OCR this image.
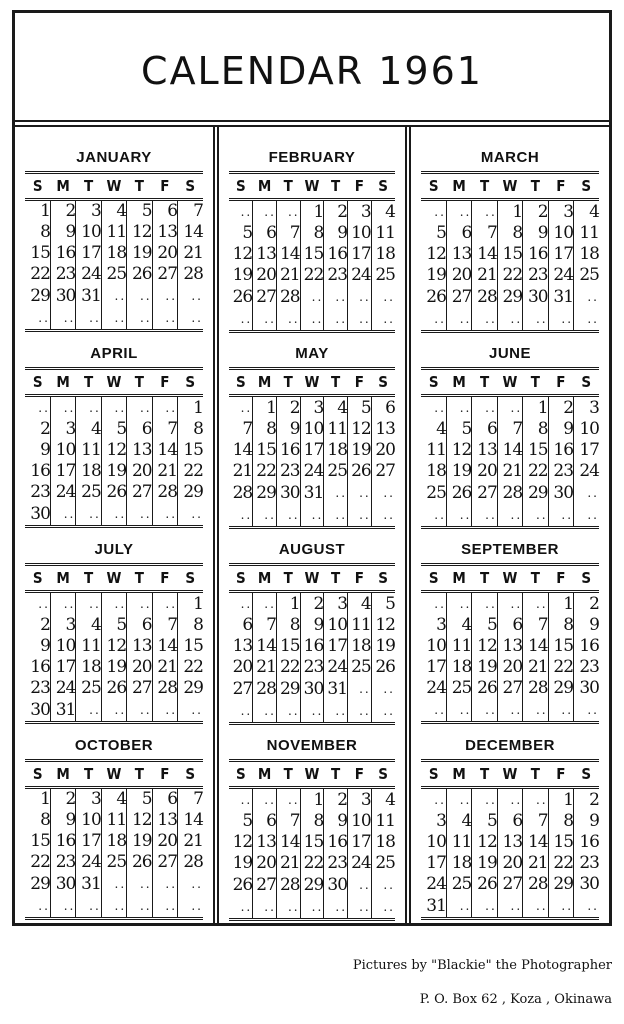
CALENDAR 1961
JANUARY
S	M	T	W	T	F	S
1	2	3	4	5	6	7
8	9	10	11	12	13	14
15	16	17	18	19	20	21
22	23	24	25	26	27	28
29	30	31	..	..	..	..
..	..	..	..	..	..	..
APRIL
S	M	T	W	T	F	S
..	..	..	..	..	..	1
2	3	4	5	6	7	8
9	10	11	12	13	14	15
16	17	18	19	20	21	22
23	24	25	26	27	28	29
30	..	..	..	..	..	..
JULY
S	M	T	W	T	F	S
..	..	..	..	..	..	1
2	3	4	5	6	7	8
9	10	11	12	13	14	15
16	17	18	19	20	21	22
23	24	25	26	27	28	29
30	31	..	..	..	..	..
OCTOBER
S	M	T	W	T	F	S
1	2	3	4	5	6	7
8	9	10	11	12	13	14
15	16	17	18	19	20	21
22	23	24	25	26	27	28
29	30	31	..	..	..	..
..	..	..	..	..	..	..
FEBRUARY
S	M	T	W	T	F	S
..	..	..	1	2	3	4
5	6	7	8	9	10	11
12	13	14	15	16	17	18
19	20	21	22	23	24	25
26	27	28	..	..	..	..
..	..	..	..	..	..	..
MAY
S	M	T	W	T	F	S
..	1	2	3	4	5	6
7	8	9	10	11	12	13
14	15	16	17	18	19	20
21	22	23	24	25	26	27
28	29	30	31	..	..	..
..	..	..	..	..	..	..
AUGUST
S	M	T	W	T	F	S
..	..	1	2	3	4	5
6	7	8	9	10	11	12
13	14	15	16	17	18	19
20	21	22	23	24	25	26
27	28	29	30	31	..	..
..	..	..	..	..	..	..
NOVEMBER
S	M	T	W	T	F	S
..	..	..	1	2	3	4
5	6	7	8	9	10	11
12	13	14	15	16	17	18
19	20	21	22	23	24	25
26	27	28	29	30	..	..
..	..	..	..	..	..	..
MARCH
S	M	T	W	T	F	S
..	..	..	1	2	3	4
5	6	7	8	9	10	11
12	13	14	15	16	17	18
19	20	21	22	23	24	25
26	27	28	29	30	31	..
..	..	..	..	..	..	..
JUNE
S	M	T	W	T	F	S
..	..	..	..	1	2	3
4	5	6	7	8	9	10
11	12	13	14	15	16	17
18	19	20	21	22	23	24
25	26	27	28	29	30	..
..	..	..	..	..	..	..
SEPTEMBER
S	M	T	W	T	F	S
..	..	..	..	..	1	2
3	4	5	6	7	8	9
10	11	12	13	14	15	16
17	18	19	20	21	22	23
24	25	26	27	28	29	30
..	..	..	..	..	..	..
DECEMBER
S	M	T	W	T	F	S
..	..	..	..	..	1	2
3	4	5	6	7	8	9
10	11	12	13	14	15	16
17	18	19	20	21	22	23
24	25	26	27	28	29	30
31	..	..	..	..	..	..
Pictures by "Blackie" the Photographer
P. O. Box 62 , Koza , Okinawa
